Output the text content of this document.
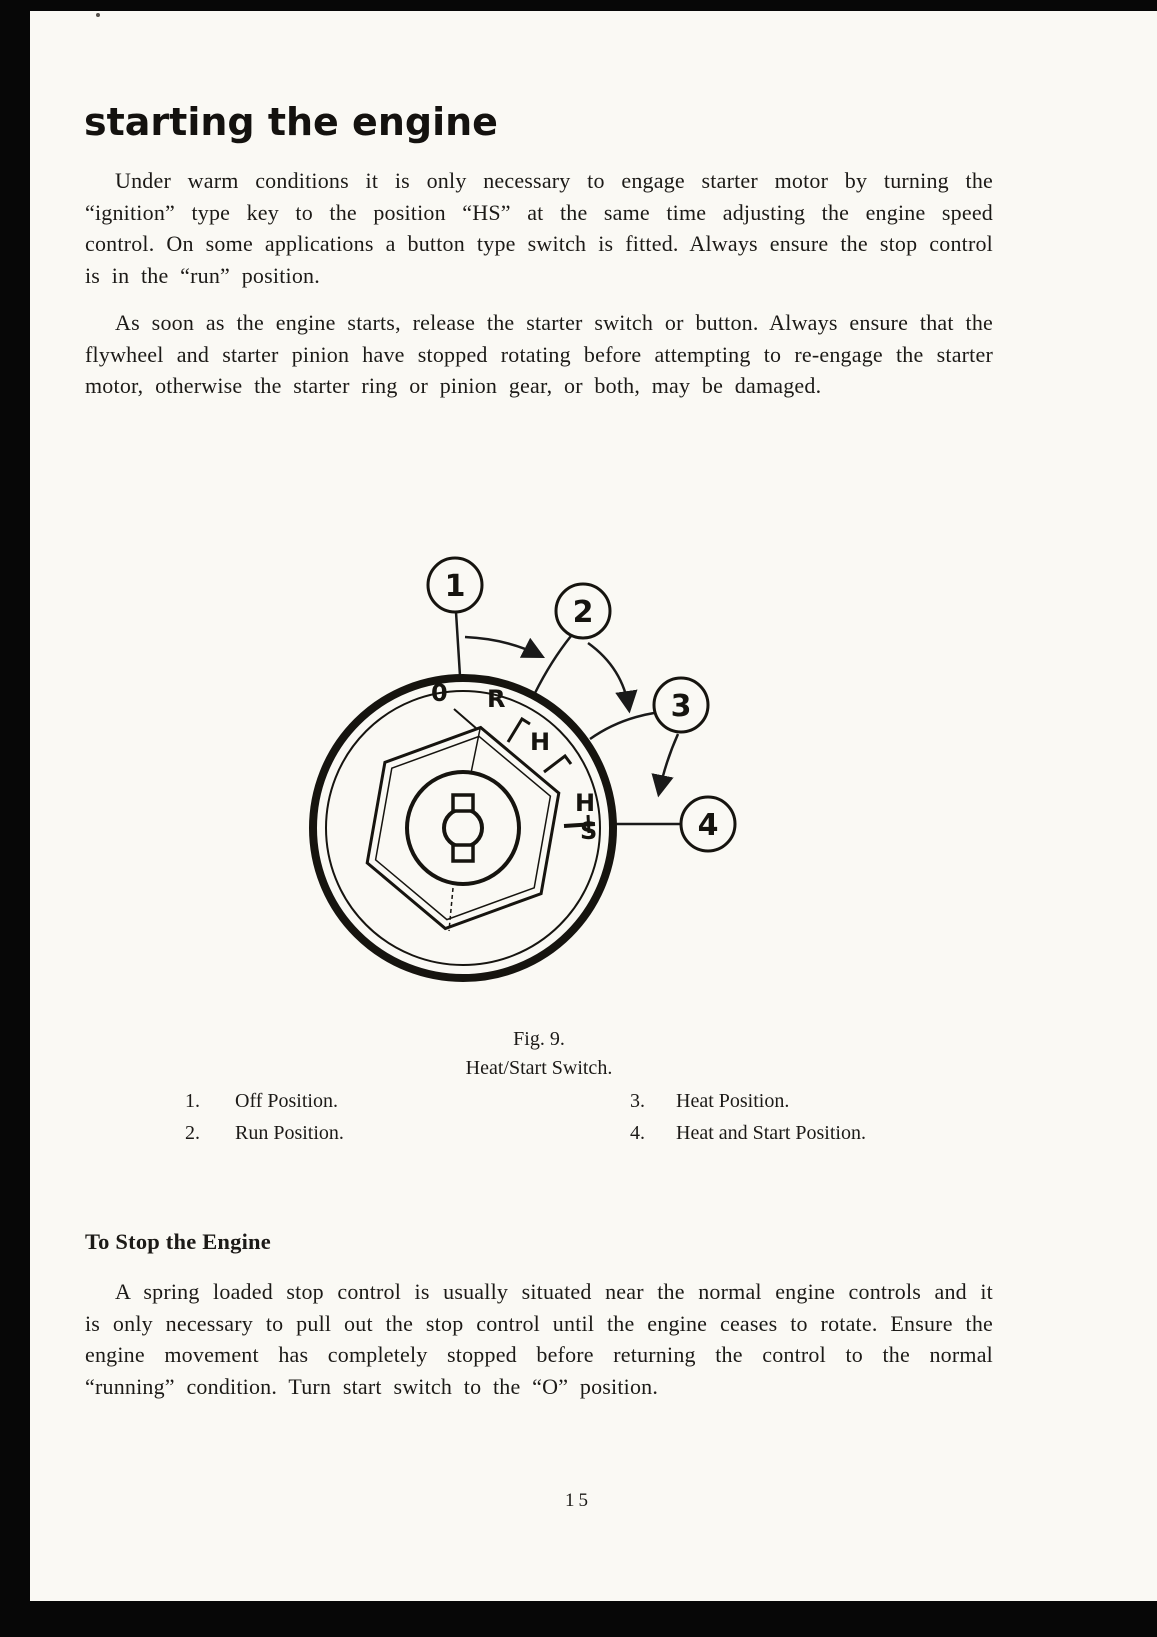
starting the engine

Under warm conditions it is only necessary to engage starter motor by turning the “ignition” type key to the position “HS” at the same time adjusting the engine speed control. On some applications a button type switch is fitted. Always ensure the stop control is in the “run” position.

As soon as the engine starts, release the starter switch or button. Always ensure that the flywheel and starter pinion have stopped rotating before attempting to re-engage the starter motor, otherwise the starter ring or pinion gear, or both, may be damaged.

0 R
H
H
S
1
2
3
4
Fig. 9.
Heat/Start Switch.
1. Off Position.
2. Run Position.
3. Heat Position.
4. Heat and Start Position.
To Stop the Engine

A spring loaded stop control is usually situated near the normal engine controls and it is only necessary to pull out the stop control until the engine ceases to rotate. Ensure the engine movement has completely stopped before returning the control to the normal “running” condition. Turn start switch to the “O” position.

15
